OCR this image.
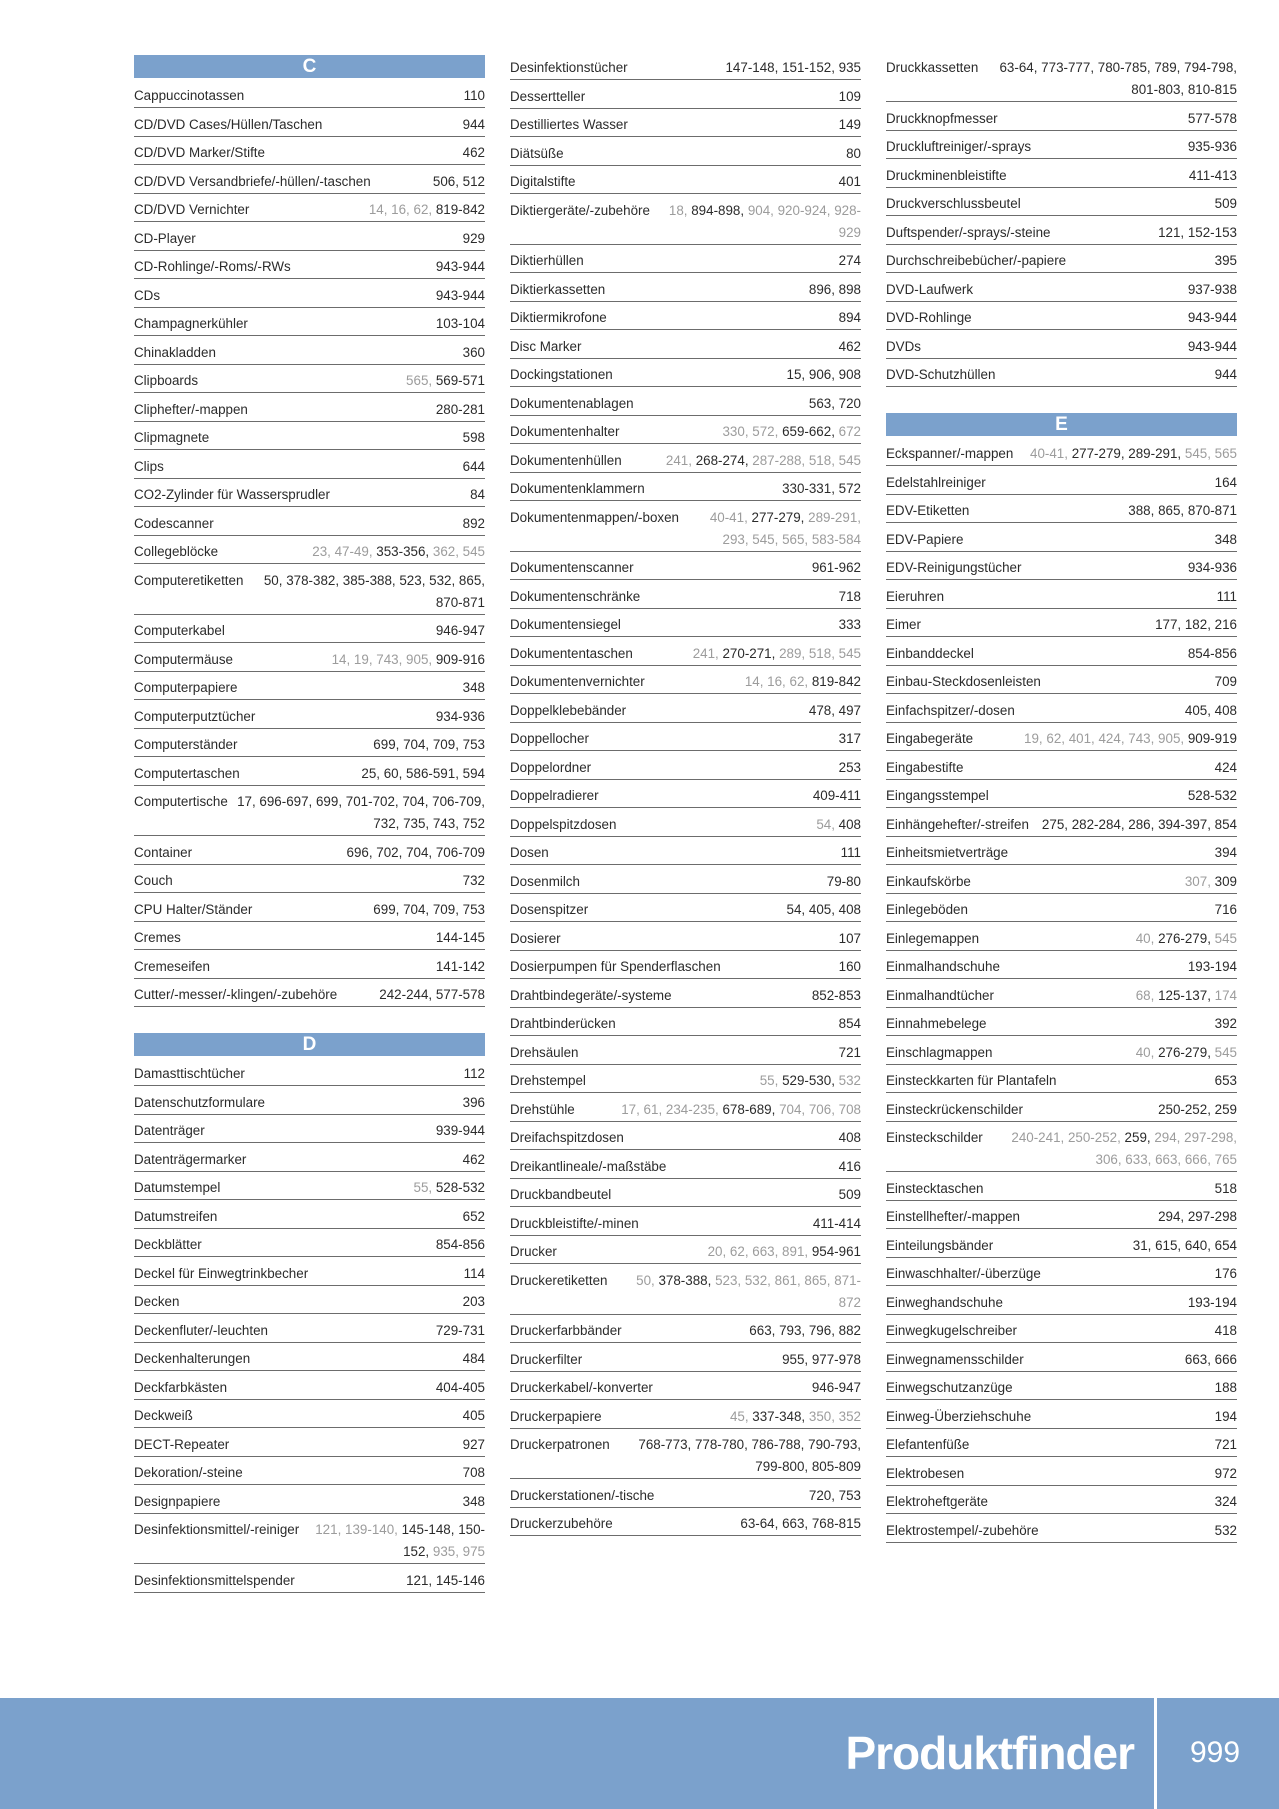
C
Cappuccinotassen	110
CD/DVD Cases/Hüllen/Taschen	944
CD/DVD Marker/Stifte	462
CD/DVD Versandbriefe/-hüllen/-taschen	506, 512
CD/DVD Vernichter	14, 16, 62, 819-842
CD-Player	929
CD-Rohlinge/-Roms/-RWs	943-944
CDs	943-944
Champagnerkühler	103-104
Chinakladden	360
Clipboards	565, 569-571
Cliphefter/-mappen	280-281
Clipmagnete	598
Clips	644
CO2-Zylinder für Wassersprudler	84
Codescanner	892
Collegeblöcke	23, 47-49, 353-356, 362, 545
Computeretiketten	50, 378-382, 385-388, 523, 532, 865, 870-871
Computerkabel	946-947
Computermäuse	14, 19, 743, 905, 909-916
Computerpapiere	348
Computerputztücher	934-936
Computerständer	699, 704, 709, 753
Computertaschen	25, 60, 586-591, 594
Computertische 17, 696-697, 699, 701-702, 704, 706-709, 732, 735, 743, 752
Container	696, 702, 704, 706-709
Couch	732
CPU Halter/Ständer	699, 704, 709, 753
Cremes	144-145
Cremeseifen	141-142
Cutter/-messer/-klingen/-zubehöre	242-244, 577-578
D
Damasttischtücher	112
Datenschutzformulare	396
Datenträger	939-944
Datenträgermarker	462
Datumstempel	55, 528-532
Datumstreifen	652
Deckblätter	854-856
Deckel für Einwegtrinkbecher	114
Decken	203
Deckenfluter/-leuchten	729-731
Deckenhalterungen	484
Deckfarbkästen	404-405
Deckweiß	405
DECT-Repeater	927
Dekoration/-steine	708
Designpapiere	348
Desinfektionsmittel/-reiniger	121, 139-140, 145-148, 150-152, 935, 975
Desinfektionsmittelspender	121, 145-146
Desinfektionstücher	147-148, 151-152, 935
Dessertteller	109
Destilliertes Wasser	149
Diätsüße	80
Digitalstifte	401
Diktiergeräte/-zubehöre	18, 894-898, 904, 920-924, 928-929
Diktierhüllen	274
Diktierkassetten	896, 898
Diktiermikrofone	894
Disc Marker	462
Dockingstationen	15, 906, 908
Dokumentenablagen	563, 720
Dokumentenhalter	330, 572, 659-662, 672
Dokumentenhüllen	241, 268-274, 287-288, 518, 545
Dokumentenklammern	330-331, 572
Dokumentenmappen/-boxen	40-41, 277-279, 289-291, 293, 545, 565, 583-584
Dokumentenscanner	961-962
Dokumentenschränke	718
Dokumentensiegel	333
Dokumententaschen	241, 270-271, 289, 518, 545
Dokumentenvernichter	14, 16, 62, 819-842
Doppelklebebänder	478, 497
Doppellocher	317
Doppelordner	253
Doppelradierer	409-411
Doppelspitzdosen	54, 408
Dosen	111
Dosenmilch	79-80
Dosenspitzer	54, 405, 408
Dosierer	107
Dosierpumpen für Spenderflaschen	160
Drahtbindegeräte/-systeme	852-853
Drahtbinderücken	854
Drehsäulen	721
Drehstempel	55, 529-530, 532
Drehstühle	17, 61, 234-235, 678-689, 704, 706, 708
Dreifachspitzdosen	408
Dreikantlineale/-maßstäbe	416
Druckbandbeutel	509
Druckbleistifte/-minen	411-414
Drucker	20, 62, 663, 891, 954-961
Druckeretiketten	50, 378-388, 523, 532, 861, 865, 871-872
Druckerfarbbänder	663, 793, 796, 882
Druckerfilter	955, 977-978
Druckerkabel/-konverter	946-947
Druckerpapiere	45, 337-348, 350, 352
Druckerpatronen	768-773, 778-780, 786-788, 790-793, 799-800, 805-809
Druckerstationen/-tische	720, 753
Druckerzubehöre	63-64, 663, 768-815
Druckkassetten	63-64, 773-777, 780-785, 789, 794-798, 801-803, 810-815
Druckknopfmesser	577-578
Druckluftreiniger/-sprays	935-936
Druckminenbleistifte	411-413
Druckverschlussbeutel	509
Duftspender/-sprays/-steine	121, 152-153
Durchschreibebücher/-papiere	395
DVD-Laufwerk	937-938
DVD-Rohlinge	943-944
DVDs	943-944
DVD-Schutzhüllen	944
E
Eckspanner/-mappen	40-41, 277-279, 289-291, 545, 565
Edelstahlreiniger	164
EDV-Etiketten	388, 865, 870-871
EDV-Papiere	348
EDV-Reinigungstücher	934-936
Eieruhren	111
Eimer	177, 182, 216
Einbanddeckel	854-856
Einbau-Steckdosenleisten	709
Einfachspitzer/-dosen	405, 408
Eingabegeräte	19, 62, 401, 424, 743, 905, 909-919
Eingabestifte	424
Eingangsstempel	528-532
Einhängehefter/-streifen 275, 282-284, 286, 394-397, 854
Einheitsmietverträge	394
Einkaufskörbe	307, 309
Einlegeböden	716
Einlegemappen	40, 276-279, 545
Einmalhandschuhe	193-194
Einmalhandtücher	68, 125-137, 174
Einnahmebelege	392
Einschlagmappen	40, 276-279, 545
Einsteckkarten für Plantafeln	653
Einsteckrückenschilder	250-252, 259
Einsteckschilder	240-241, 250-252, 259, 294, 297-298, 306, 633, 663, 666, 765
Einstecktaschen	518
Einstellhefter/-mappen	294, 297-298
Einteilungsbänder	31, 615, 640, 654
Einwaschhalter/-überzüge	176
Einweghandschuhe	193-194
Einwegkugelschreiber	418
Einwegnamensschilder	663, 666
Einwegschutzanzüge	188
Einweg-Überziehschuhe	194
Elefantenfüße	721
Elektrobesen	972
Elektroheftgeräte	324
Elektrostempel/-zubehöre	532
Produktfinder 999
